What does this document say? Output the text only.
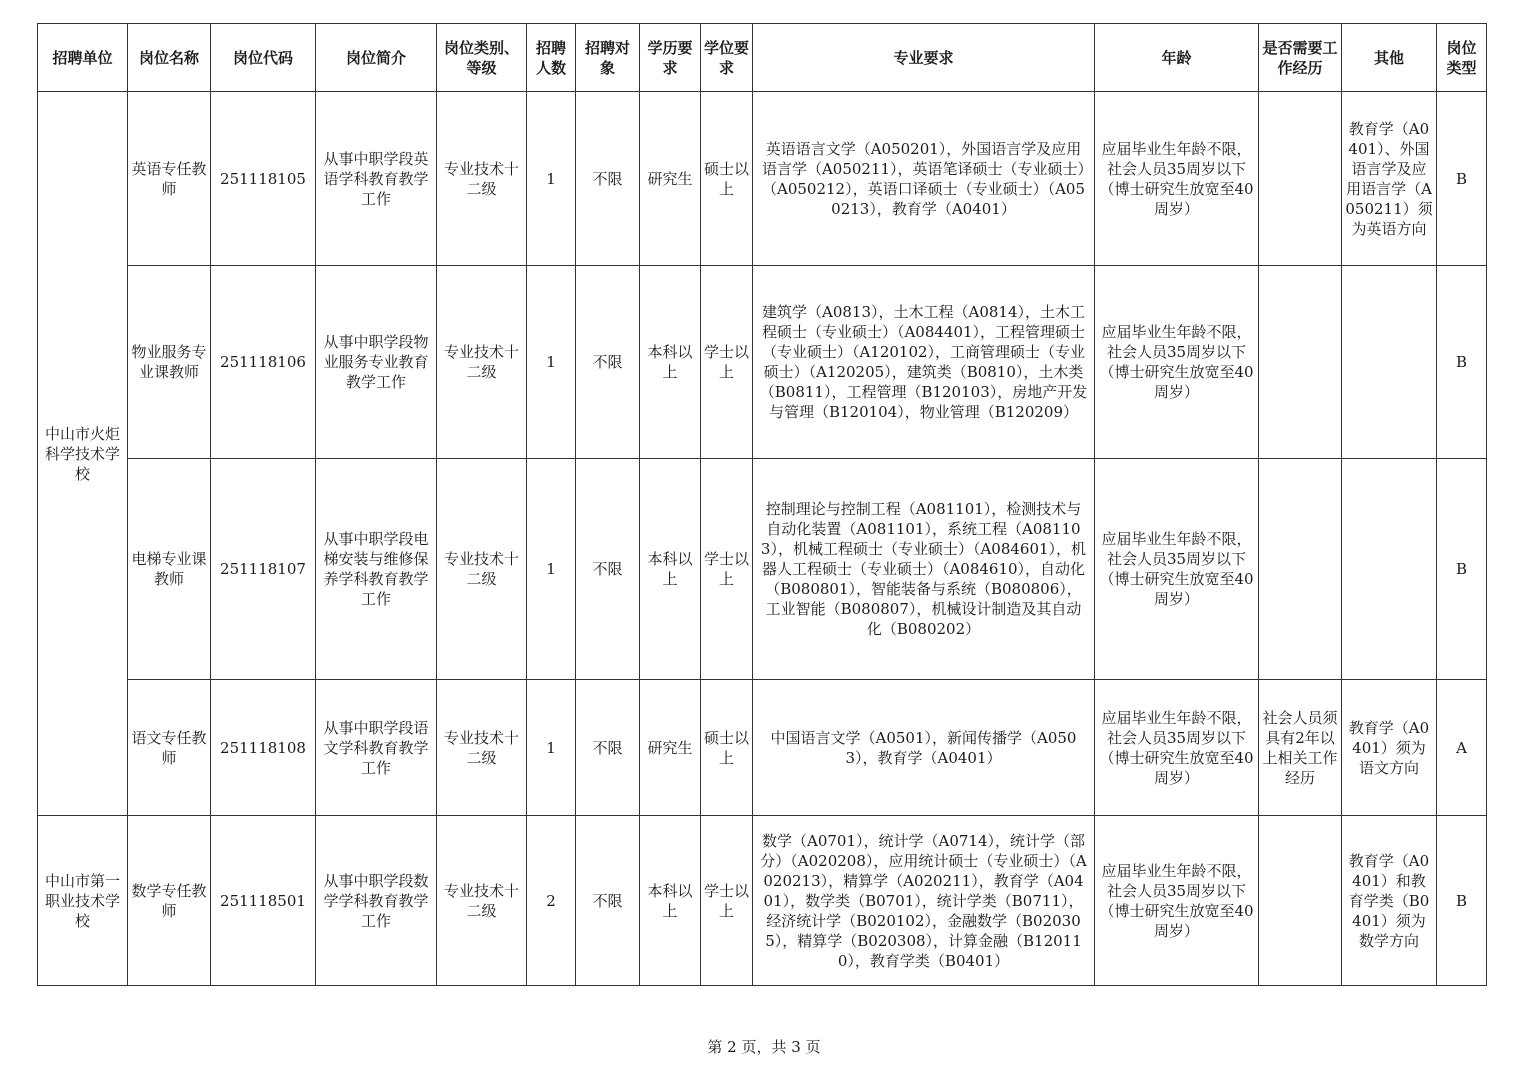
招聘单位	岗位名称	岗位代码	岗位简介	岗位类别、等级	招聘人数	招聘对象	学历要求	学位要求	专业要求	年龄	是否需要工作经历	其他	岗位类型
中山市火炬科学技术学校	英语专任教师	251118105	从事中职学段英语学科教育教学工作	专业技术十二级	1	不限	研究生	硕士以上	英语语言文学（A050201），外国语言学及应用语言学（A050211），英语笔译硕士（专业硕士）（A050212），英语口译硕士（专业硕士）（A050213），教育学（A0401）	应届毕业生年龄不限，社会人员35周岁以下（博士研究生放宽至40周岁）		教育学（A0401）、外国语言学及应用语言学（A050211）须为英语方向	B
	物业服务专业课教师	251118106	从事中职学段物业服务专业教育教学工作	专业技术十二级	1	不限	本科以上	学士以上	建筑学（A0813），土木工程（A0814），土木工程硕士（专业硕士）（A084401），工程管理硕士（专业硕士）（A120102），工商管理硕士（专业硕士）（A120205），建筑类（B0810），土木类（B0811），工程管理（B120103），房地产开发与管理（B120104），物业管理（B120209）	应届毕业生年龄不限，社会人员35周岁以下（博士研究生放宽至40周岁）			B
	电梯专业课教师	251118107	从事中职学段电梯安装与维修保养学科教育教学工作	专业技术十二级	1	不限	本科以上	学士以上	控制理论与控制工程（A081101），检测技术与自动化装置（A081101），系统工程（A081103），机械工程硕士（专业硕士）（A084601），机器人工程硕士（专业硕士）（A084610），自动化（B080801），智能装备与系统（B080806），工业智能（B080807），机械设计制造及其自动化（B080202）	应届毕业生年龄不限，社会人员35周岁以下（博士研究生放宽至40周岁）			B
	语文专任教师	251118108	从事中职学段语文学科教育教学工作	专业技术十二级	1	不限	研究生	硕士以上	中国语言文学（A0501），新闻传播学（A0503），教育学（A0401）	应届毕业生年龄不限，社会人员35周岁以下（博士研究生放宽至40周岁）	社会人员须具有2年以上相关工作经历	教育学（A0401）须为语文方向	A
中山市第一职业技术学校	数学专任教师	251118501	从事中职学段数学学科教育教学工作	专业技术十二级	2	不限	本科以上	学士以上	数学（A0701），统计学（A0714），统计学（部分）（A020208），应用统计硕士（专业硕士）（A020213），精算学（A020211），教育学（A0401），数学类（B0701），统计学类（B0711），经济统计学（B020102），金融数学（B020305），精算学（B020308），计算金融（B120110），教育学类（B0401）	应届毕业生年龄不限，社会人员35周岁以下（博士研究生放宽至40周岁）		教育学（A0401）和教育学类（B0401）须为数学方向	B
第 2 页，共 3 页
